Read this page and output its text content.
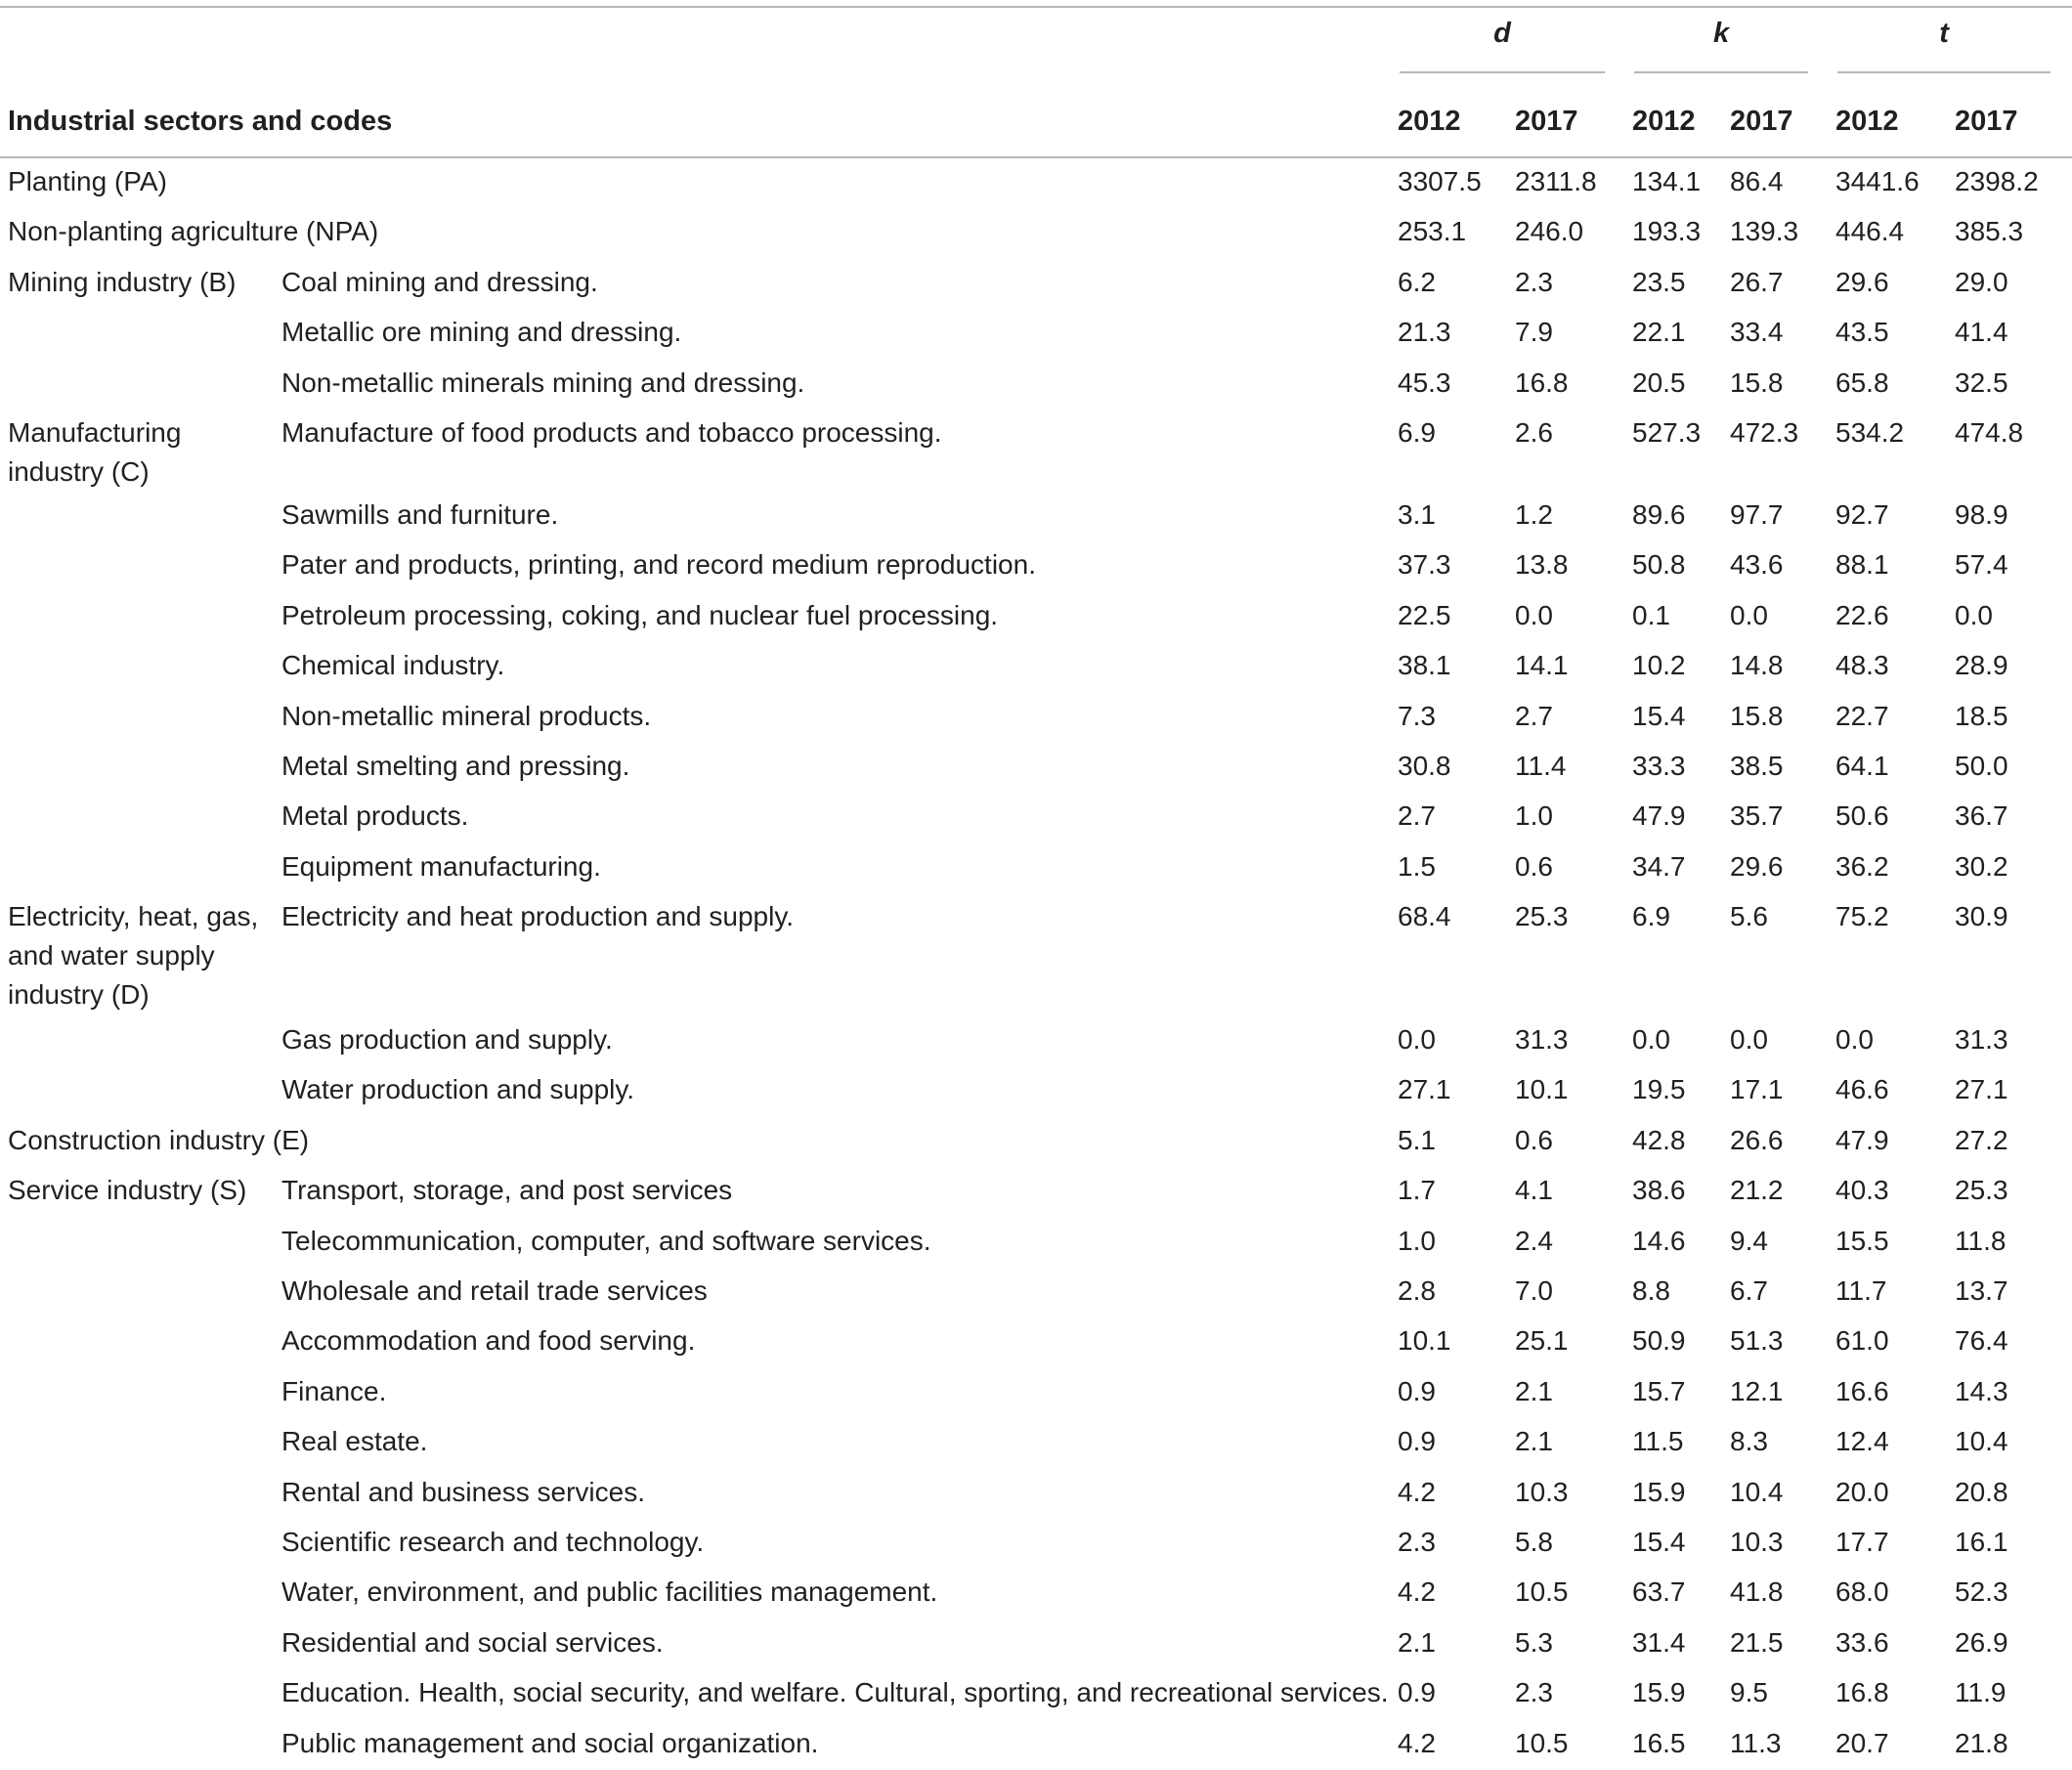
		d		k		t	

Industrial sectors and codes		2012	2017	2012	2017	2012	2017
Planting (PA)		3307.5	2311.8	134.1	86.4	3441.6	2398.2
Non-planting agriculture (NPA)		253.1	246.0	193.3	139.3	446.4	385.3
Mining industry (B)	Coal mining and dressing.	6.2	2.3	23.5	26.7	29.6	29.0
	Metallic ore mining and dressing.	21.3	7.9	22.1	33.4	43.5	41.4
	Non-metallic minerals mining and dressing.	45.3	16.8	20.5	15.8	65.8	32.5
Manufacturing industry (C)	Manufacture of food products and tobacco processing.	6.9	2.6	527.3	472.3	534.2	474.8
	Sawmills and furniture.	3.1	1.2	89.6	97.7	92.7	98.9
	Pater and products, printing, and record medium reproduction.	37.3	13.8	50.8	43.6	88.1	57.4
	Petroleum processing, coking, and nuclear fuel processing.	22.5	0.0	0.1	0.0	22.6	0.0
	Chemical industry.	38.1	14.1	10.2	14.8	48.3	28.9
	Non-metallic mineral products.	7.3	2.7	15.4	15.8	22.7	18.5
	Metal smelting and pressing.	30.8	11.4	33.3	38.5	64.1	50.0
	Metal products.	2.7	1.0	47.9	35.7	50.6	36.7
	Equipment manufacturing.	1.5	0.6	34.7	29.6	36.2	30.2
Electricity, heat, gas, and water supply industry (D)	Electricity and heat production and supply.	68.4	25.3	6.9	5.6	75.2	30.9
	Gas production and supply.	0.0	31.3	0.0	0.0	0.0	31.3
	Water production and supply.	27.1	10.1	19.5	17.1	46.6	27.1
Construction industry (E)		5.1	0.6	42.8	26.6	47.9	27.2
Service industry (S)	Transport, storage, and post services	1.7	4.1	38.6	21.2	40.3	25.3
	Telecommunication, computer, and software services.	1.0	2.4	14.6	9.4	15.5	11.8
	Wholesale and retail trade services	2.8	7.0	8.8	6.7	11.7	13.7
	Accommodation and food serving.	10.1	25.1	50.9	51.3	61.0	76.4
	Finance.	0.9	2.1	15.7	12.1	16.6	14.3
	Real estate.	0.9	2.1	11.5	8.3	12.4	10.4
	Rental and business services.	4.2	10.3	15.9	10.4	20.0	20.8
	Scientific research and technology.	2.3	5.8	15.4	10.3	17.7	16.1
	Water, environment, and public facilities management.	4.2	10.5	63.7	41.8	68.0	52.3
	Residential and social services.	2.1	5.3	31.4	21.5	33.6	26.9
	Education. Health, social security, and welfare. Cultural, sporting, and recreational services.	0.9	2.3	15.9	9.5	16.8	11.9
	Public management and social organization.	4.2	10.5	16.5	11.3	20.7	21.8
